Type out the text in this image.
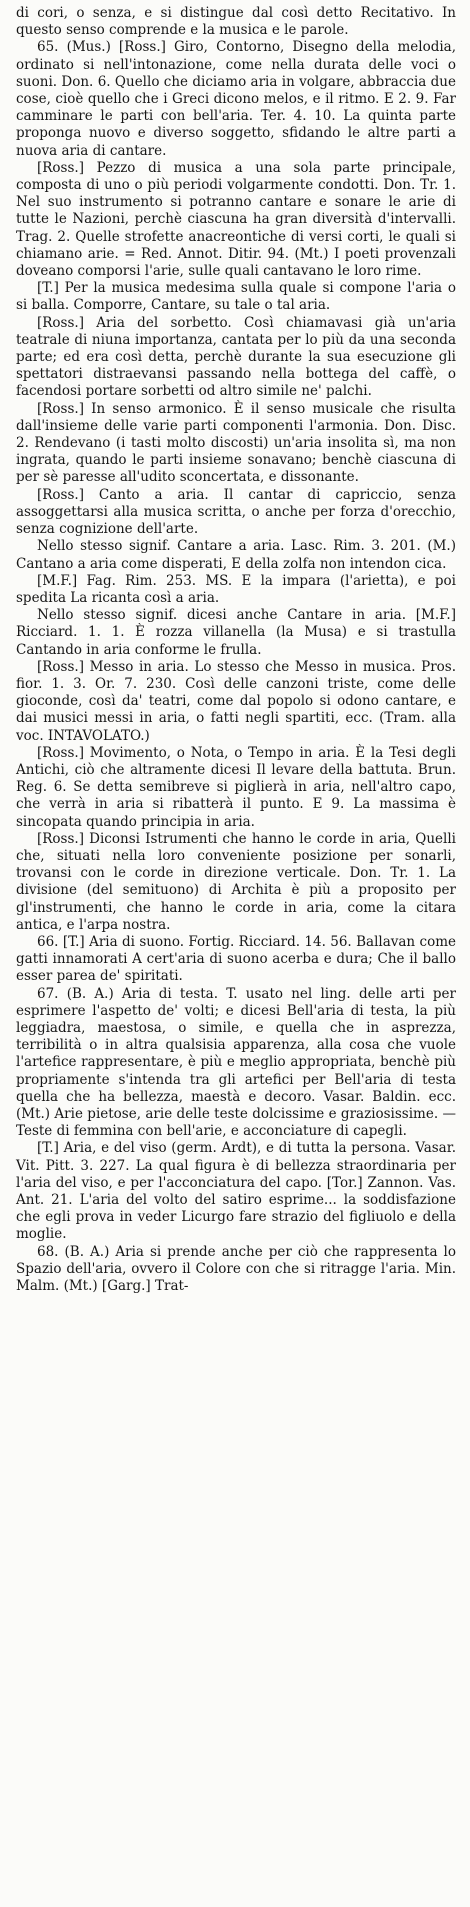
di cori, o senza, e si distingue dal così detto Recitativo. In questo senso comprende e la musica e le parole.

65. (Mus.) [Ross.] Giro, Contorno, Disegno della melodia, ordinato si nell'intonazione, come nella durata delle voci o suoni. Don. 6. Quello che diciamo aria in volgare, abbraccia due cose, cioè quello che i Greci dicono melos, e il ritmo. E 2. 9. Far camminare le parti con bell'aria. Ter. 4. 10. La quinta parte proponga nuovo e diverso soggetto, sfidando le altre parti a nuova aria di cantare.

[Ross.] Pezzo di musica a una sola parte principale, composta di uno o più periodi volgarmente condotti. Don. Tr. 1. Nel suo instrumento si potranno cantare e sonare le arie di tutte le Nazioni, perchè ciascuna ha gran diversità d'intervalli. Trag. 2. Quelle strofette anacreontiche di versi corti, le quali si chiamano arie. = Red. Annot. Ditir. 94. (Mt.) I poeti provenzali doveano comporsi l'arie, sulle quali cantavano le loro rime.

[T.] Per la musica medesima sulla quale si compone l'aria o si balla. Comporre, Cantare, su tale o tal aria.

[Ross.] Aria del sorbetto. Così chiamavasi già un'aria teatrale di niuna importanza, cantata per lo più da una seconda parte; ed era così detta, perchè durante la sua esecuzione gli spettatori distraevansi passando nella bottega del caffè, o facendosi portare sorbetti od altro simile ne' palchi.

[Ross.] In senso armonico. È il senso musicale che risulta dall'insieme delle varie parti componenti l'armonia. Don. Disc. 2. Rendevano (i tasti molto discosti) un'aria insolita sì, ma non ingrata, quando le parti insieme sonavano; benchè ciascuna di per sè paresse all'udito sconcertata, e dissonante.

[Ross.] Canto a aria. Il cantar di capriccio, senza assoggettarsi alla musica scritta, o anche per forza d'orecchio, senza cognizione dell'arte.

Nello stesso signif. Cantare a aria. Lasc. Rim. 3. 201. (M.) Cantano a aria come disperati, E della zolfa non intendon cica.

[M.F.] Fag. Rim. 253. MS. E la impara (l'arietta), e poi spedita La ricanta così a aria.

Nello stesso signif. dicesi anche Cantare in aria. [M.F.] Ricciard. 1. 1. È rozza villanella (la Musa) e si trastulla Cantando in aria conforme le frulla.

[Ross.] Messo in aria. Lo stesso che Messo in musica. Pros. fior. 1. 3. Or. 7. 230. Così delle canzoni triste, come delle gioconde, così da' teatri, come dal popolo si odono cantare, e dai musici messi in aria, o fatti negli spartiti, ecc. (Tram. alla voc. INTAVOLATO.)

[Ross.] Movimento, o Nota, o Tempo in aria. È la Tesi degli Antichi, ciò che altramente dicesi Il levare della battuta. Brun. Reg. 6. Se detta semibreve si piglierà in aria, nell'altro capo, che verrà in aria si ribatterà il punto. E 9. La massima è sincopata quando principia in aria.

[Ross.] Diconsi Istrumenti che hanno le corde in aria, Quelli che, situati nella loro conveniente posizione per sonarli, trovansi con le corde in direzione verticale. Don. Tr. 1. La divisione (del semituono) di Archita è più a proposito per gl'instrumenti, che hanno le corde in aria, come la citara antica, e l'arpa nostra.

66. [T.] Aria di suono. Fortig. Ricciard. 14. 56. Ballavan come gatti innamorati A cert'aria di suono acerba e dura; Che il ballo esser parea de' spiritati.

67. (B. A.) Aria di testa. T. usato nel ling. delle arti per esprimere l'aspetto de' volti; e dicesi Bell'aria di testa, la più leggiadra, maestosa, o simile, e quella che in asprezza, terribilità o in altra qualsisia apparenza, alla cosa che vuole l'artefice rappresentare, è più e meglio appropriata, benchè più propriamente s'intenda tra gli artefici per Bell'aria di testa quella che ha bellezza, maestà e decoro. Vasar. Baldin. ecc. (Mt.) Arie pietose, arie delle teste dolcissime e graziosissime. — Teste di femmina con bell'arie, e acconciature di capegli.

[T.] Aria, e del viso (germ. Ardt), e di tutta la persona. Vasar. Vit. Pitt. 3. 227. La qual figura è di bellezza straordinaria per l'aria del viso, e per l'acconciatura del capo. [Tor.] Zannon. Vas. Ant. 21. L'aria del volto del satiro esprime... la soddisfazione che egli prova in veder Licurgo fare strazio del figliuolo e della moglie.

68. (B. A.) Aria si prende anche per ciò che rappresenta lo Spazio dell'aria, ovvero il Colore con che si ritragge l'aria. Min. Malm. (Mt.) [Garg.] Trat-
